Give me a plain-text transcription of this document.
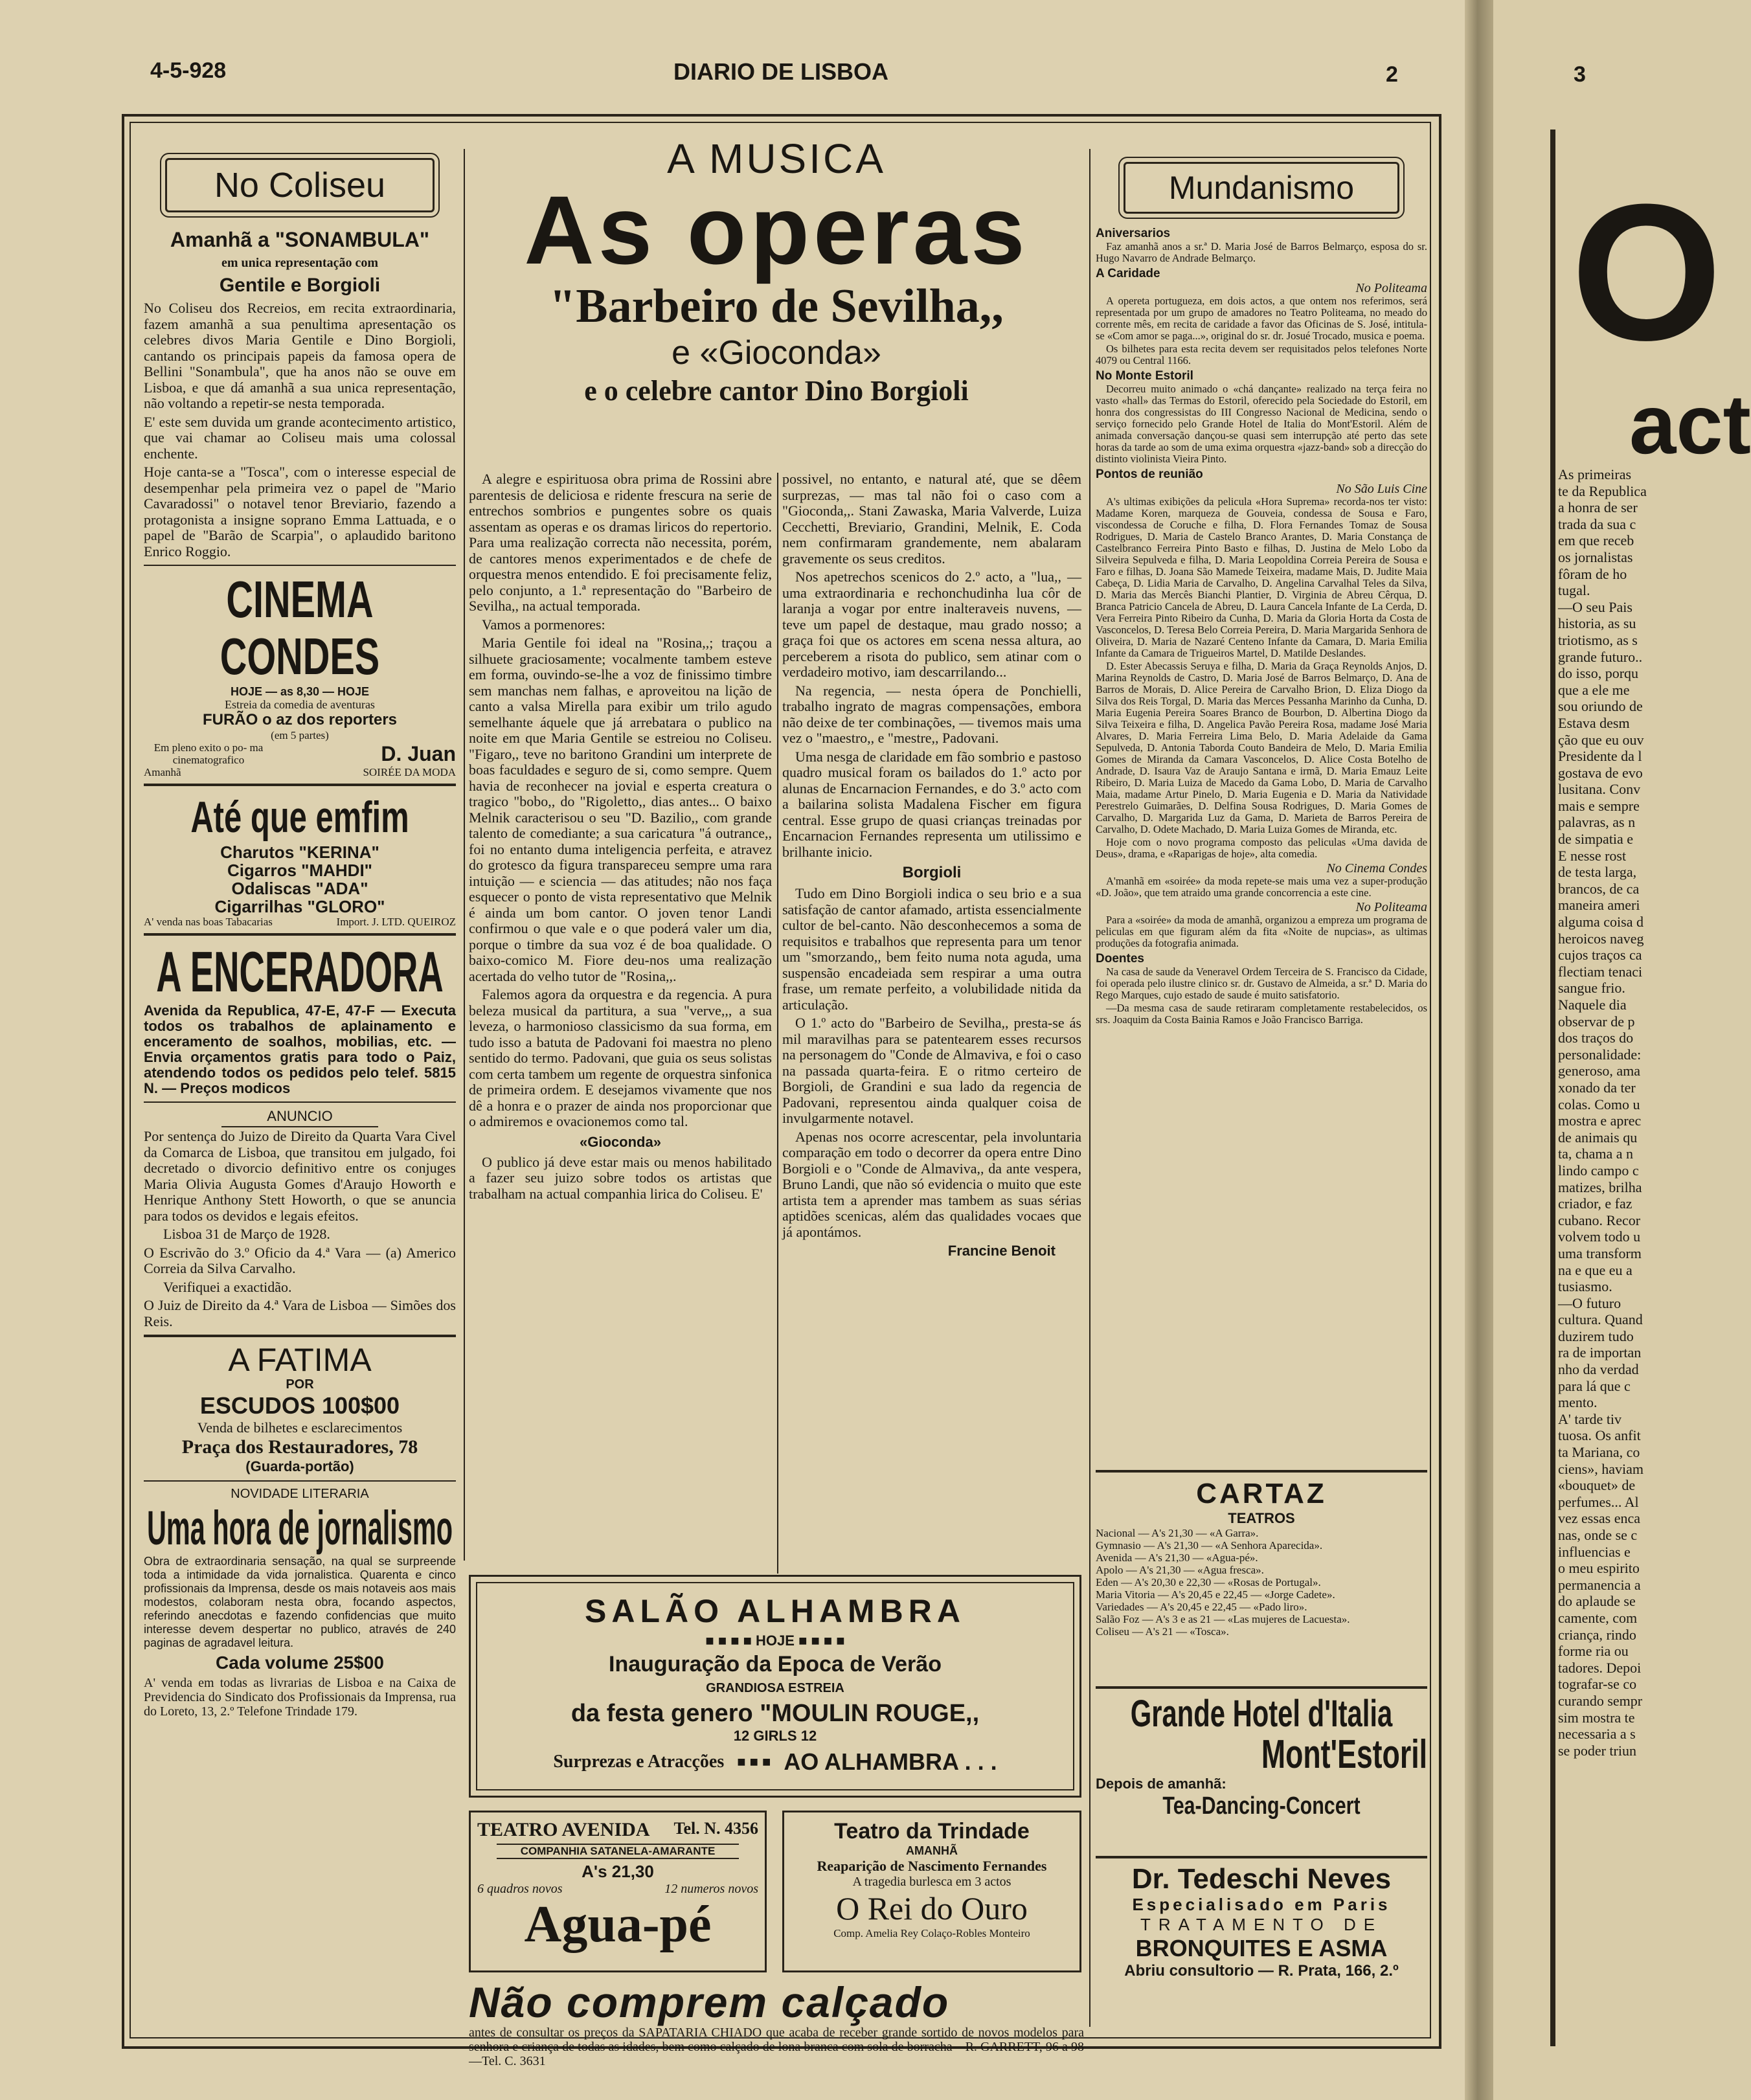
4-5-928	DIARIO DE LISBOA	2
No Coliseu
Amanhã a "SONAMBULA"
em unica representação com
Gentile e Borgioli

No Coliseu dos Recreios, em recita extraordinaria, fazem amanhã a sua penultima apresentação os celebres divos Maria Gentile e Dino Borgioli, cantando os principais papeis da famosa opera de Bellini "Sonambula", que ha anos não se ouve em Lisboa, e que dá amanhã a sua unica representação, não voltando a repetir-se nesta temporada.

E' este sem duvida um grande acontecimento artistico, que vai chamar ao Coliseu mais uma colossal enchente.

Hoje canta-se a "Tosca", com o interesse especial de desempenhar pela primeira vez o papel de "Mario Cavaradossi" o notavel tenor Breviario, fazendo a protagonista a insigne soprano Emma Lattuada, e o papel de "Barão de Scarpia", o aplaudido baritono Enrico Roggio.

CINEMA CONDES
HOJE — as 8,30 — HOJE
Estreia da comedia de aventuras
FURÃO o az dos reporters
(em 5 partes)
Em pleno exito o po- ma cinematografico	D. Juan
Amanhã	SOIRÉE DA MODA
Até que emfim
Charutos "KERINA"
Cigarros "MAHDI"
Odaliscas "ADA"
Cigarrilhas "GLORO"
A' venda nas boas Tabacarias	Import. J. LTD. QUEIROZ
A ENCERADORA
Avenida da Republica, 47-E, 47-F — Executa todos os trabalhos de aplainamento e enceramento de soalhos, mobilias, etc. — Envia orçamentos gratis para todo o Paiz, atendendo todos os pedidos pelo telef. 5815 N. — Preços modicos
ANUNCIO

Por sentença do Juizo de Direito da Quarta Vara Civel da Comarca de Lisboa, que transitou em julgado, foi decretado o divorcio definitivo entre os conjuges Maria Olivia Augusta Gomes d'Araujo Howorth e Henrique Anthony Stett Howorth, o que se anuncia para todos os devidos e legais efeitos.

Lisboa 31 de Março de 1928.

O Escrivão do 3.º Oficio da 4.ª Vara — (a) Americo Correia da Silva Carvalho.

Verifiquei a exactidão.

O Juiz de Direito da 4.ª Vara de Lisboa — Simões dos Reis.

A FATIMA
POR
ESCUDOS 100$00
Venda de bilhetes e esclarecimentos
Praça dos Restauradores, 78
(Guarda-portão)
NOVIDADE LITERARIA
Uma hora de jornalismo
Obra de extraordinaria sensação, na qual se surpreende toda a intimidade da vida jornalistica. Quarenta e cinco profissionais da Imprensa, desde os mais notaveis aos mais modestos, colaboram nesta obra, focando aspectos, referindo anecdotas e fazendo confidencias que muito interesse devem despertar no publico, através de 240 paginas de agradavel leitura.
Cada volume 25$00

A' venda em todas as livrarias de Lisboa e na Caixa de Previdencia do Sindicato dos Profissionais da Imprensa, rua do Loreto, 13, 2.º Telefone Trindade 179.

A MUSICA
As operas
"Barbeiro de Sevilha,,
e «Gioconda»
e o celebre cantor Dino Borgioli

A alegre e espirituosa obra prima de Rossini abre parentesis de deliciosa e ridente frescura na serie de entrechos sombrios e pungentes sobre os quais assentam as operas e os dramas liricos do repertorio. Para uma realização correcta não necessita, porém, de cantores menos experimentados e de chefe de orquestra menos entendido. E foi precisamente feliz, pelo conjunto, a 1.ª representação do "Barbeiro de Sevilha,, na actual temporada.

Vamos a pormenores:

Maria Gentile foi ideal na "Rosina,,; traçou a silhuete graciosamente; vocalmente tambem esteve em forma, ouvindo-se-lhe a voz de finissimo timbre sem manchas nem falhas, e aproveitou na lição de canto a valsa Mirella para exibir um trilo agudo semelhante áquele que já arrebatara o publico na noite em que Maria Gentile se estreiou no Coliseu. "Figaro,, teve no baritono Grandini um interprete de boas faculdades e seguro de si, como sempre. Quem havia de reconhecer na jovial e esperta creatura o tragico "bobo,, do "Rigoletto,, dias antes... O baixo Melnik caracterisou o seu "D. Bazilio,, com grande talento de comediante; a sua caricatura "á outrance,, foi no entanto duma inteligencia perfeita, e atravez do grotesco da figura transpareceu sempre uma rara intuição — e sciencia — das atitudes; não nos faça esquecer o ponto de vista representativo que Melnik é ainda um bom cantor. O joven tenor Landi confirmou o que vale e o que poderá valer um dia, porque o timbre da sua voz é de boa qualidade. O baixo-comico M. Fiore deu-nos uma realização acertada do velho tutor de "Rosina,,.

Falemos agora da orquestra e da regencia. A pura beleza musical da partitura, a sua "verve,,, a sua leveza, o harmonioso classicismo da sua forma, em tudo isso a batuta de Padovani foi maestra no pleno sentido do termo. Padovani, que guia os seus solistas com certa tambem um regente de orquestra sinfonica de primeira ordem. E desejamos vivamente que nos dê a honra e o prazer de ainda nos proporcionar que o admiremos e ovacionemos como tal.

«Gioconda»

O publico já deve estar mais ou menos habilitado a fazer seu juizo sobre todos os artistas que trabalham na actual companhia lirica do Coliseu. E'

possivel, no entanto, e natural até, que se dêem surprezas, — mas tal não foi o caso com a "Gioconda,,. Stani Zawaska, Maria Valverde, Luiza Cecchetti, Breviario, Grandini, Melnik, E. Coda nem confirmaram grandemente, nem abalaram gravemente os seus creditos.

Nos apetrechos scenicos do 2.º acto, a "lua,, — uma extraordinaria e rechonchudinha lua côr de laranja a vogar por entre inalteraveis nuvens, — teve um papel de destaque, mau grado nosso; a graça foi que os actores em scena nessa altura, ao perceberem a risota do publico, sem atinar com o verdadeiro motivo, iam descarrilando...

Na regencia, — nesta ópera de Ponchielli, trabalho ingrato de magras compensações, embora não deixe de ter combinações, — tivemos mais uma vez o "maestro,, e "mestre,, Padovani.

Uma nesga de claridade em fão sombrio e pastoso quadro musical foram os bailados do 1.º acto por alunas de Encarnacion Fernandes, e do 3.º acto com a bailarina solista Madalena Fischer em figura central. Esse grupo de quasi crianças treinadas por Encarnacion Fernandes representa um utilissimo e brilhante inicio.

Borgioli

Tudo em Dino Borgioli indica o seu brio e a sua satisfação de cantor afamado, artista essencialmente cultor de bel-canto. Não desconhecemos a soma de requisitos e trabalhos que representa para um tenor um "smorzando,, bem feito numa nota aguda, uma suspensão encadeiada sem respirar a uma outra frase, um remate perfeito, a volubilidade nitida da articulação.

O 1.º acto do "Barbeiro de Sevilha,, presta-se ás mil maravilhas para se patentearem esses recursos na personagem do "Conde de Almaviva, e foi o caso na passada quarta-feira. E o ritmo certeiro de Borgioli, de Grandini e sua lado da regencia de Padovani, representou ainda qualquer coisa de invulgarmente notavel.

Apenas nos ocorre acrescentar, pela involuntaria comparação em todo o decorrer da opera entre Dino Borgioli e o "Conde de Almaviva,, da ante vespera, Bruno Landi, que não só evidencia o muito que este artista tem a aprender mas tambem as suas sérias aptidões scenicas, além das qualidades vocaes que já apontámos.

Francine Benoit
SALÃO ALHAMBRA
■ ■ ■ ■ HOJE ■ ■ ■ ■
Inauguração da Epoca de Verão
GRANDIOSA ESTREIA
da festa genero "MOULIN ROUGE,,
12 GIRLS 12
Surprezas e Atracções ■ ■ ■ AO ALHAMBRA . . .
TEATRO AVENIDA Tel. N. 4356
COMPANHIA SATANELA-AMARANTE
A's 21,30
6 quadros novos	12 numeros novos
Agua-pé
Teatro da Trindade
AMANHÃ
Reaparição de Nascimento Fernandes
A tragedia burlesca em 3 actos
O Rei do Ouro
Comp. Amelia Rey Colaço-Robles Monteiro
Não comprem calçado
antes de consultar os preços da SAPATARIA CHIADO que acaba de receber grande sortido de novos modelos para senhora e criança de todas as idades, bem como calçado de lona branca com sola de borracha—R. GARRETT, 96 a 98—Tel. C. 3631
Mundanismo
Aniversarios
Faz amanhã anos a sr.ª D. Maria José de Barros Belmarço, esposa do sr. Hugo Navarro de Andrade Belmarço.
A Caridade
No Politeama
A opereta portugueza, em dois actos, a que ontem nos referimos, será representada por um grupo de amadores no Teatro Politeama, no meado do corrente mês, em recita de caridade a favor das Oficinas de S. José, intitula-se «Com amor se paga...», original do sr. dr. Josué Trocado, musica e poema.
Os bilhetes para esta recita devem ser requisitados pelos telefones Norte 4079 ou Central 1166.
No Monte Estoril
Decorreu muito animado o «chá dançante» realizado na terça feira no vasto «hall» das Termas do Estoril, oferecido pela Sociedade do Estoril, em honra dos congressistas do III Congresso Nacional de Medicina, sendo o serviço fornecido pelo Grande Hotel de Italia do Mont'Estoril. Além de animada conversação dançou-se quasi sem interrupção até perto das sete horas da tarde ao som de uma exima orquestra «jazz-band» sob a direcção do distinto violinista Vieira Pinto.
Pontos de reunião
No São Luis Cine
A's ultimas exibições da pelicula «Hora Suprema» recorda-nos ter visto: Madame Koren, marqueza de Gouveia, condessa de Sousa e Faro, viscondessa de Coruche e filha, D. Flora Fernandes Tomaz de Sousa Rodrigues, D. Maria de Castelo Branco Arantes, D. Maria Constança de Castelbranco Ferreira Pinto Basto e filhas, D. Justina de Melo Lobo da Silveira Sepulveda e filha, D. Maria Leopoldina Correia Pereira de Sousa e Faro e filhas, D. Joana São Mamede Teixeira, madame Mais, D. Judite Maia Cabeça, D. Lidia Maria de Carvalho, D. Angelina Carvalhal Teles da Silva, D. Maria das Mercês Bianchi Plantier, D. Virginia de Abreu Cêrqua, D. Branca Patricio Cancela de Abreu, D. Laura Cancela Infante de La Cerda, D. Vera Ferreira Pinto Ribeiro da Cunha, D. Maria da Gloria Horta da Costa de Vasconcelos, D. Teresa Belo Correia Pereira, D. Maria Margarida Senhora de Oliveira, D. Maria de Nazaré Centeno Infante da Camara, D. Maria Emilia Infante da Camara de Trigueiros Martel, D. Matilde Deslandes.
D. Ester Abecassis Seruya e filha, D. Maria da Graça Reynolds Anjos, D. Marina Reynolds de Castro, D. Maria José de Barros Belmarço, D. Ana de Barros de Morais, D. Alice Pereira de Carvalho Brion, D. Eliza Diogo da Silva dos Reis Torgal, D. Maria das Merces Pessanha Marinho da Cunha, D. Maria Eugenia Pereira Soares Branco de Bourbon, D. Albertina Diogo da Silva Teixeira e filha, D. Angelica Pavão Pereira Rosa, madame José Maria Alvares, D. Maria Ferreira Lima Belo, D. Maria Adelaide da Gama Sepulveda, D. Antonia Taborda Couto Bandeira de Melo, D. Maria Emilia Gomes de Miranda da Camara Vasconcelos, D. Alice Costa Botelho de Andrade, D. Isaura Vaz de Araujo Santana e irmã, D. Maria Emauz Leite Ribeiro, D. Maria Luiza de Macedo da Gama Lobo, D. Maria de Carvalho Maia, madame Artur Pinelo, D. Maria Eugenia e D. Maria da Natividade Perestrelo Guimarães, D. Delfina Sousa Rodrigues, D. Maria Gomes de Carvalho, D. Margarida Luz da Gama, D. Marieta de Barros Pereira de Carvalho, D. Odete Machado, D. Maria Luiza Gomes de Miranda, etc.
Hoje com o novo programa composto das peliculas «Uma davida de Deus», drama, e «Raparigas de hoje», alta comedia.
No Cinema Condes
A'manhã em «soirée» da moda repete-se mais uma vez a super-produção «D. João», que tem atraido uma grande concorrencia a este cine.
No Politeama
Para a «soirée» da moda de amanhã, organizou a empreza um programa de peliculas em que figuram além da fita «Noite de nupcias», as ultimas produções da fotografia animada.
Doentes
Na casa de saude da Veneravel Ordem Terceira de S. Francisco da Cidade, foi operada pelo ilustre clinico sr. dr. Gustavo de Almeida, a sr.ª D. Maria do Rego Marques, cujo estado de saude é muito satisfatorio.
—Da mesma casa de saude retiraram completamente restabelecidos, os srs. Joaquim da Costa Bainia Ramos e João Francisco Barriga.
CARTAZ
TEATROS
Nacional — A's 21,30 — «A Garra».
Gymnasio — A's 21,30 — «A Senhora Aparecida».
Avenida — A's 21,30 — «Agua-pé».
Apolo — A's 21,30 — «Agua fresca».
Eden — A's 20,30 e 22,30 — «Rosas de Portugal».
Maria Vitoria — A's 20,45 e 22,45 — «Jorge Cadete».
Variedades — A's 20,45 e 22,45 — «Pado liro».
Salão Foz — A's 3 e as 21 — «Las mujeres de Lacuesta».
Coliseu — A's 21 — «Tosca».
Grande Hotel d'Italia
Mont'Estoril
Depois de amanhã:
Tea-Dancing-Concert
Dr. Tedeschi Neves
Especialisado em Paris
TRATAMENTO DE
BRONQUITES E ASMA
Abriu consultorio — R. Prata, 166, 2.º
3
O
act
As primeiras
te da Republica
a honra de ser
trada da sua c
em que receb
os jornalistas
fôram de ho
tugal.
—O seu Pais
historia, as su
triotismo, as s
grande futuro..
do isso, porqu
que a ele me
sou oriundo de
Estava desm
ção que eu ouv
Presidente da l
gostava de evo
lusitana. Conv
mais e sempre
palavras, as n
de simpatia e
E nesse rost
de testa larga,
brancos, de ca
maneira ameri
alguma coisa d
heroicos naveg
cujos traços ca
flectiam tenaci
sangue frio.
Naquele dia
observar de p
dos traços do
personalidade:
generoso, ama
xonado da ter
colas. Como u
mostra e aprec
de animais qu
ta, chama a n
lindo campo c
matizes, brilha
criador, e faz
cubano. Recor
volvem todo u
uma transform
na e que eu a
tusiasmo.
—O futuro
cultura. Quand
duzirem tudo
ra de importan
nho da verdad
para lá que c
mento.
A' tarde tiv
tuosa. Os anfit
ta Mariana, co
ciens», haviam
«bouquet» de
perfumes... Al
vez essas enca
nas, onde se c
influencias e
o meu espirito
permanencia a
do aplaude se
camente, com
criança, rindo
forme ria ou
tadores. Depoi
tografar-se co
curando sempr
sim mostra te
necessaria a s
se poder triun
